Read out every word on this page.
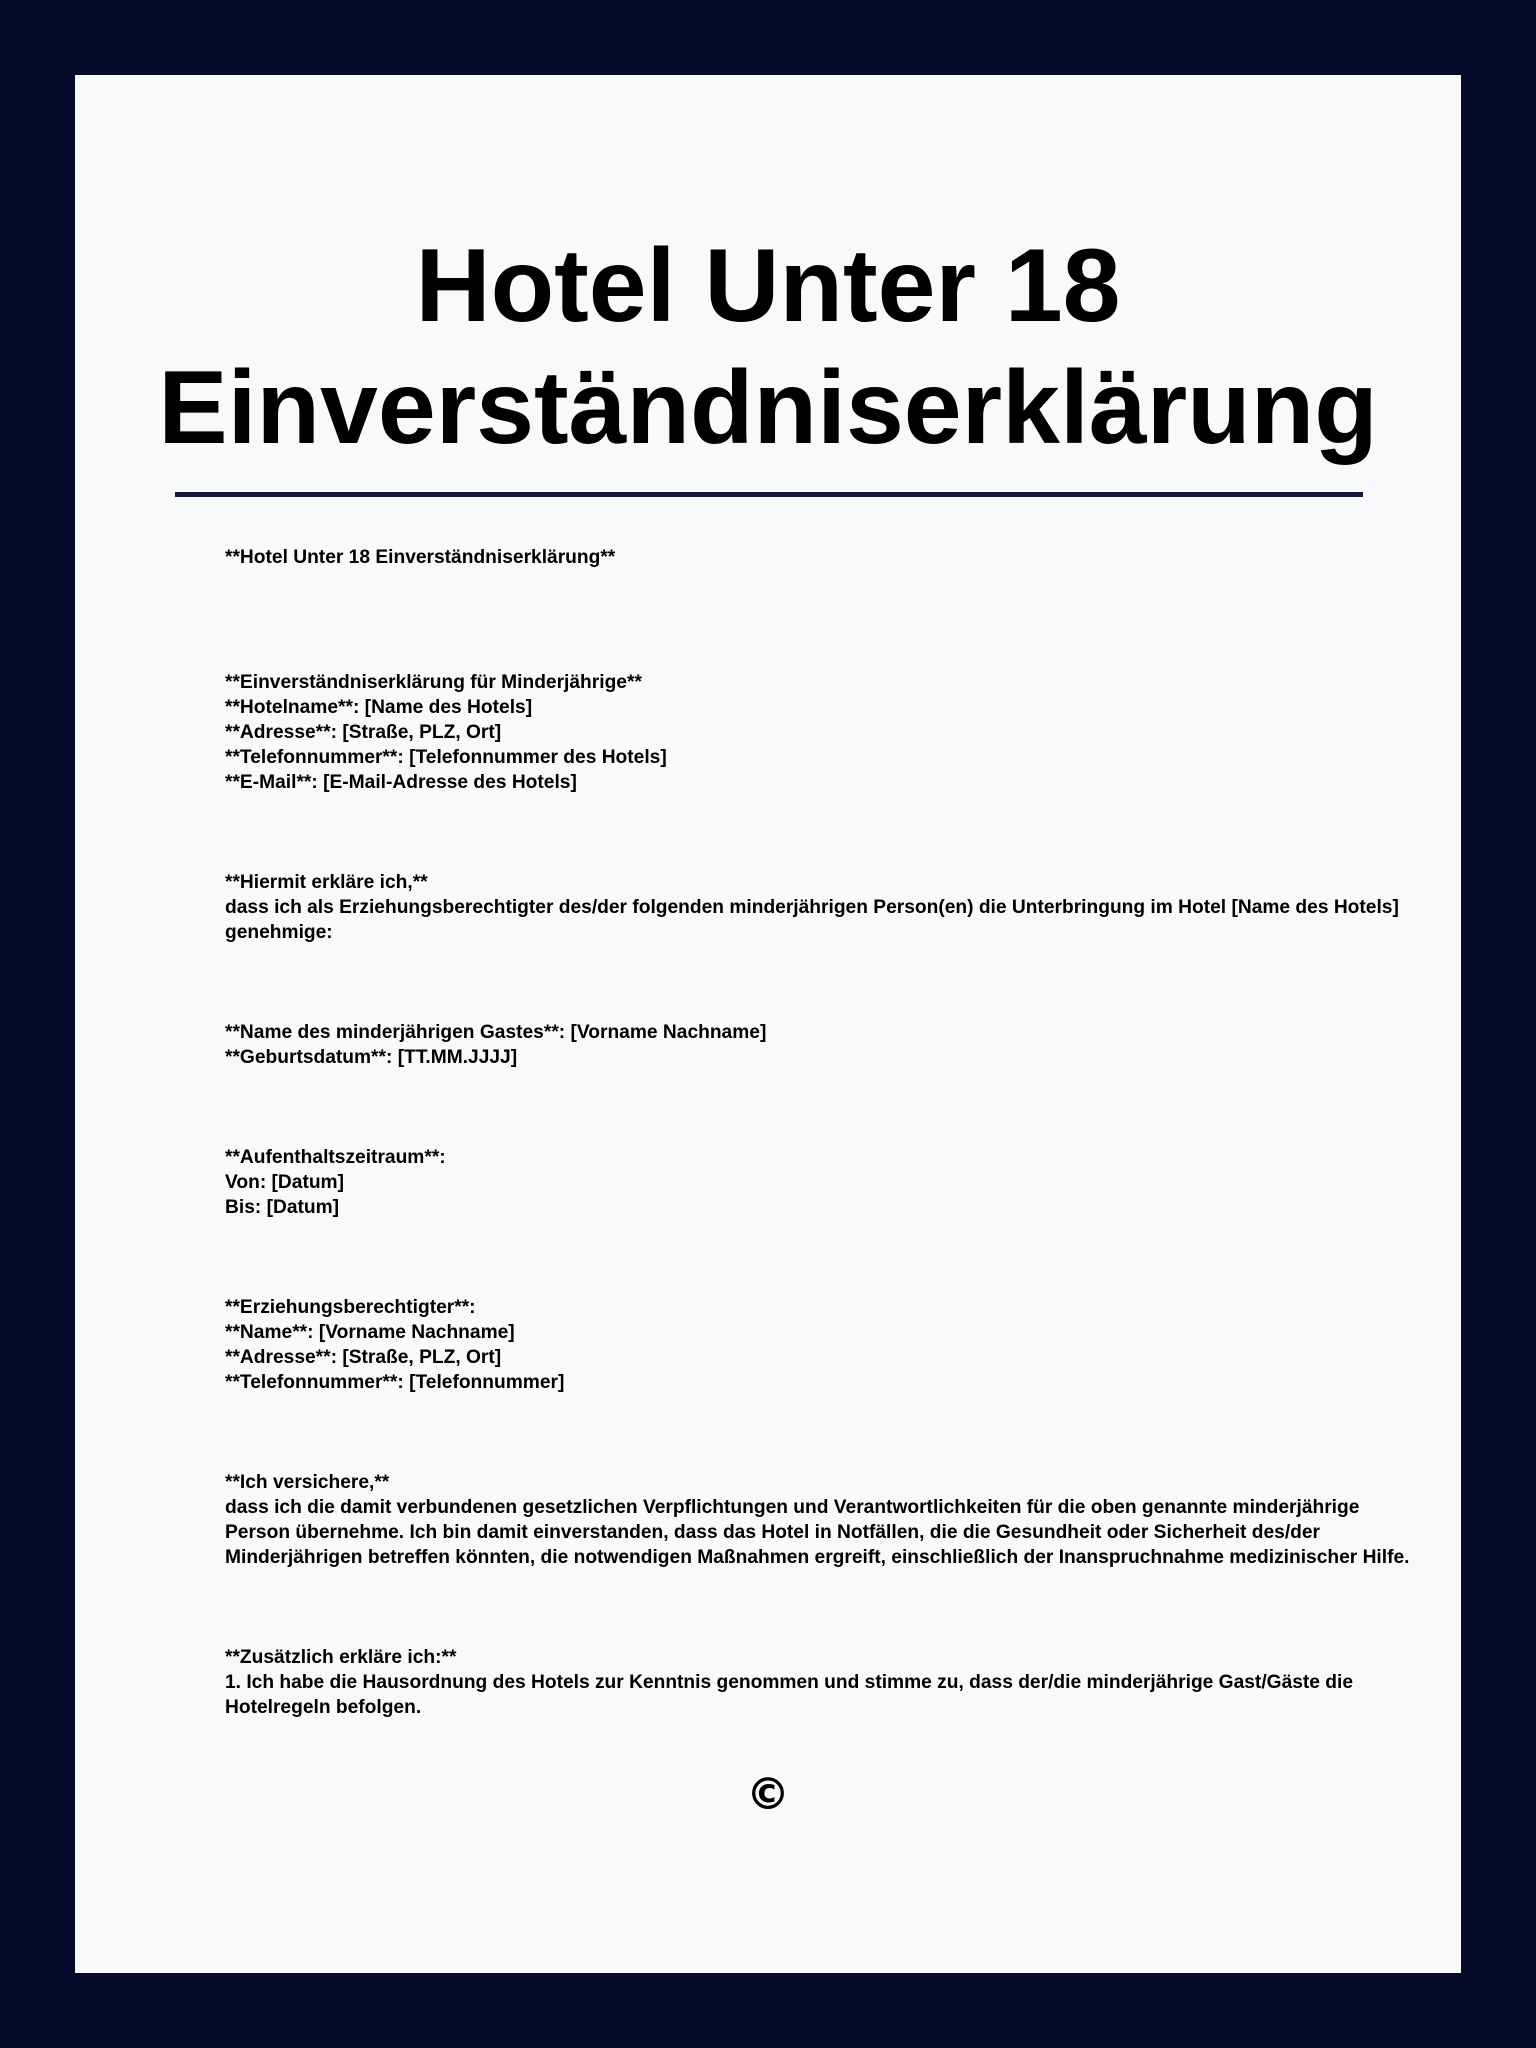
Hotel Unter 18
Einverständniserklärung
**Hotel Unter 18 Einverständniserklärung**
**Einverständniserklärung für Minderjährige**
**Hotelname**: [Name des Hotels]
**Adresse**: [Straße, PLZ, Ort]
**Telefonnummer**: [Telefonnummer des Hotels]
**E-Mail**: [E-Mail-Adresse des Hotels]
**Hiermit erkläre ich,**
dass ich als Erziehungsberechtigter des/der folgenden minderjährigen Person(en) die Unterbringung im Hotel [Name des Hotels] genehmige:
**Name des minderjährigen Gastes**: [Vorname Nachname]
**Geburtsdatum**: [TT.MM.JJJJ]
**Aufenthaltszeitraum**:
Von: [Datum]
Bis: [Datum]
**Erziehungsberechtigter**:
**Name**: [Vorname Nachname]
**Adresse**: [Straße, PLZ, Ort]
**Telefonnummer**: [Telefonnummer]
**Ich versichere,**
dass ich die damit verbundenen gesetzlichen Verpflichtungen und Verantwortlichkeiten für die oben genannte minderjährige Person übernehme. Ich bin damit einverstanden, dass das Hotel in Notfällen, die die Gesundheit oder Sicherheit des/der Minderjährigen betreffen könnten, die notwendigen Maßnahmen ergreift, einschließlich der Inanspruchnahme medizinischer Hilfe.
**Zusätzlich erkläre ich:**
1. Ich habe die Hausordnung des Hotels zur Kenntnis genommen und stimme zu, dass der/die minderjährige Gast/Gäste die Hotelregeln befolgen.
©
